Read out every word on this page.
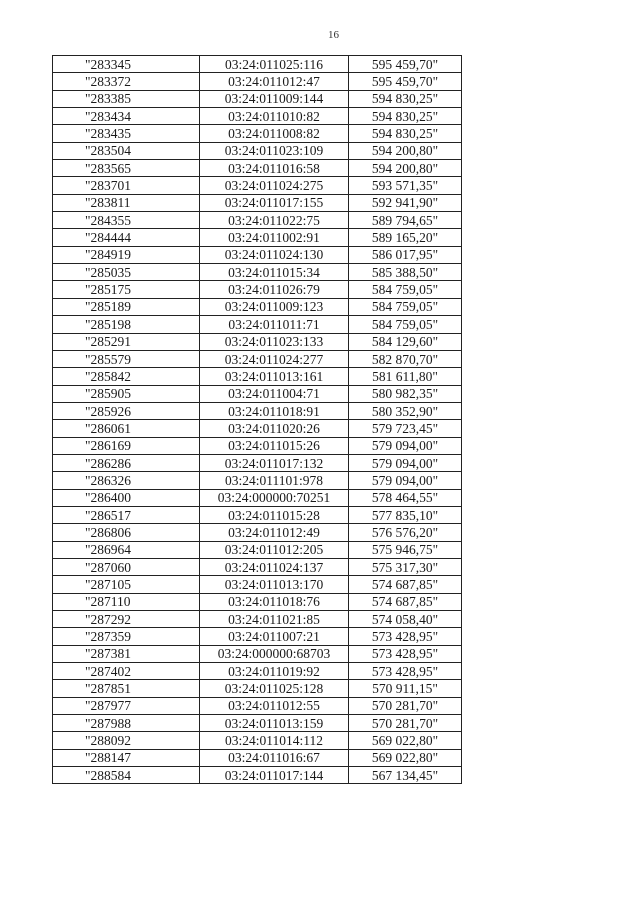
16
"283345	03:24:011025:116	595 459,70"
"283372	03:24:011012:47	595 459,70"
"283385	03:24:011009:144	594 830,25"
"283434	03:24:011010:82	594 830,25"
"283435	03:24:011008:82	594 830,25"
"283504	03:24:011023:109	594 200,80"
"283565	03:24:011016:58	594 200,80"
"283701	03:24:011024:275	593 571,35"
"283811	03:24:011017:155	592 941,90"
"284355	03:24:011022:75	589 794,65"
"284444	03:24:011002:91	589 165,20"
"284919	03:24:011024:130	586 017,95"
"285035	03:24:011015:34	585 388,50"
"285175	03:24:011026:79	584 759,05"
"285189	03:24:011009:123	584 759,05"
"285198	03:24:011011:71	584 759,05"
"285291	03:24:011023:133	584 129,60"
"285579	03:24:011024:277	582 870,70"
"285842	03:24:011013:161	581 611,80"
"285905	03:24:011004:71	580 982,35"
"285926	03:24:011018:91	580 352,90"
"286061	03:24:011020:26	579 723,45"
"286169	03:24:011015:26	579 094,00"
"286286	03:24:011017:132	579 094,00"
"286326	03:24:011101:978	579 094,00"
"286400	03:24:000000:70251	578 464,55"
"286517	03:24:011015:28	577 835,10"
"286806	03:24:011012:49	576 576,20"
"286964	03:24:011012:205	575 946,75"
"287060	03:24:011024:137	575 317,30"
"287105	03:24:011013:170	574 687,85"
"287110	03:24:011018:76	574 687,85"
"287292	03:24:011021:85	574 058,40"
"287359	03:24:011007:21	573 428,95"
"287381	03:24:000000:68703	573 428,95"
"287402	03:24:011019:92	573 428,95"
"287851	03:24:011025:128	570 911,15"
"287977	03:24:011012:55	570 281,70"
"287988	03:24:011013:159	570 281,70"
"288092	03:24:011014:112	569 022,80"
"288147	03:24:011016:67	569 022,80"
"288584	03:24:011017:144	567 134,45"
